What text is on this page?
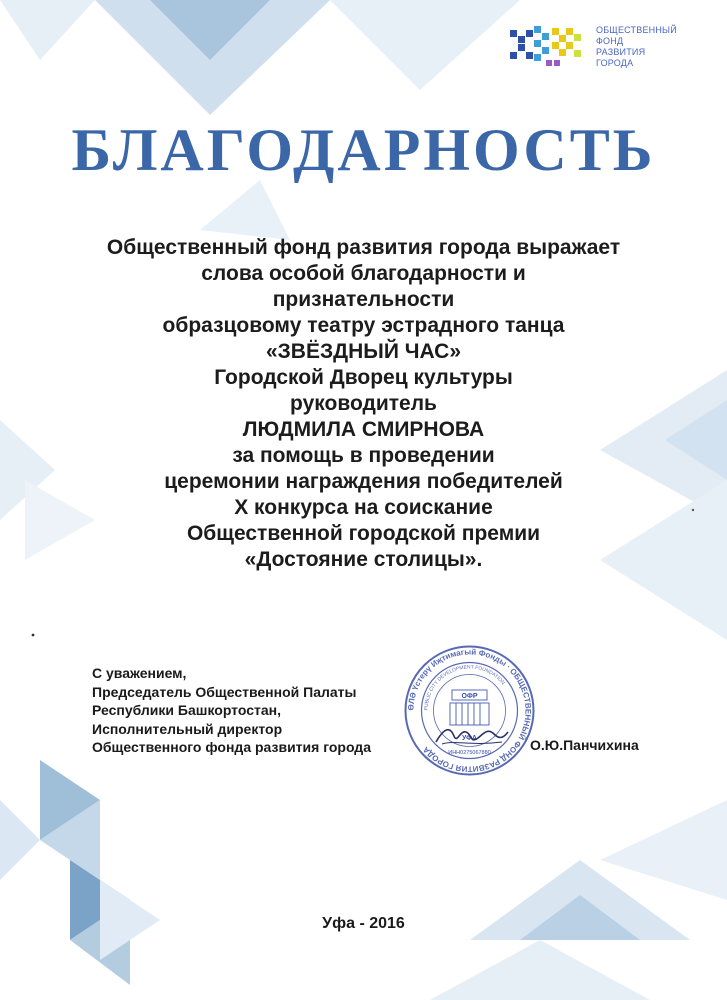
ОБЩЕСТВЕННЫЙ
ФОНД
РАЗВИТИЯ
ГОРОДА
БЛАГОДАРНОСТЬ
Общественный фонд развития города выражает
слова особой благодарности и
признательности
образцовому театру эстрадного танца
«ЗВЁЗДНЫЙ ЧАС»
Городской Дворец культуры
руководитель
ЛЮДМИЛА СМИРНОВА
за помощь в проведении
церемонии награждения победителей
X конкурса на соискание
Общественной городской премии
«Достояние столицы».
С уважением,
Председатель Общественной Палаты
Республики Башкортостан,
Исполнительный директор
Общественного фонда развития города	О.Ю.Панчихина
ӨЛӘ Үстерү Иҗтимагый Фонды · ОБЩЕСТВЕННЫЙ ФОНД РАЗВИТИЯ ГОРОДА
PUBLIC CITY DEVELOPMENT FOUNDATION
ОФР
УФА
ИНН0275067880
Уфа - 2016
